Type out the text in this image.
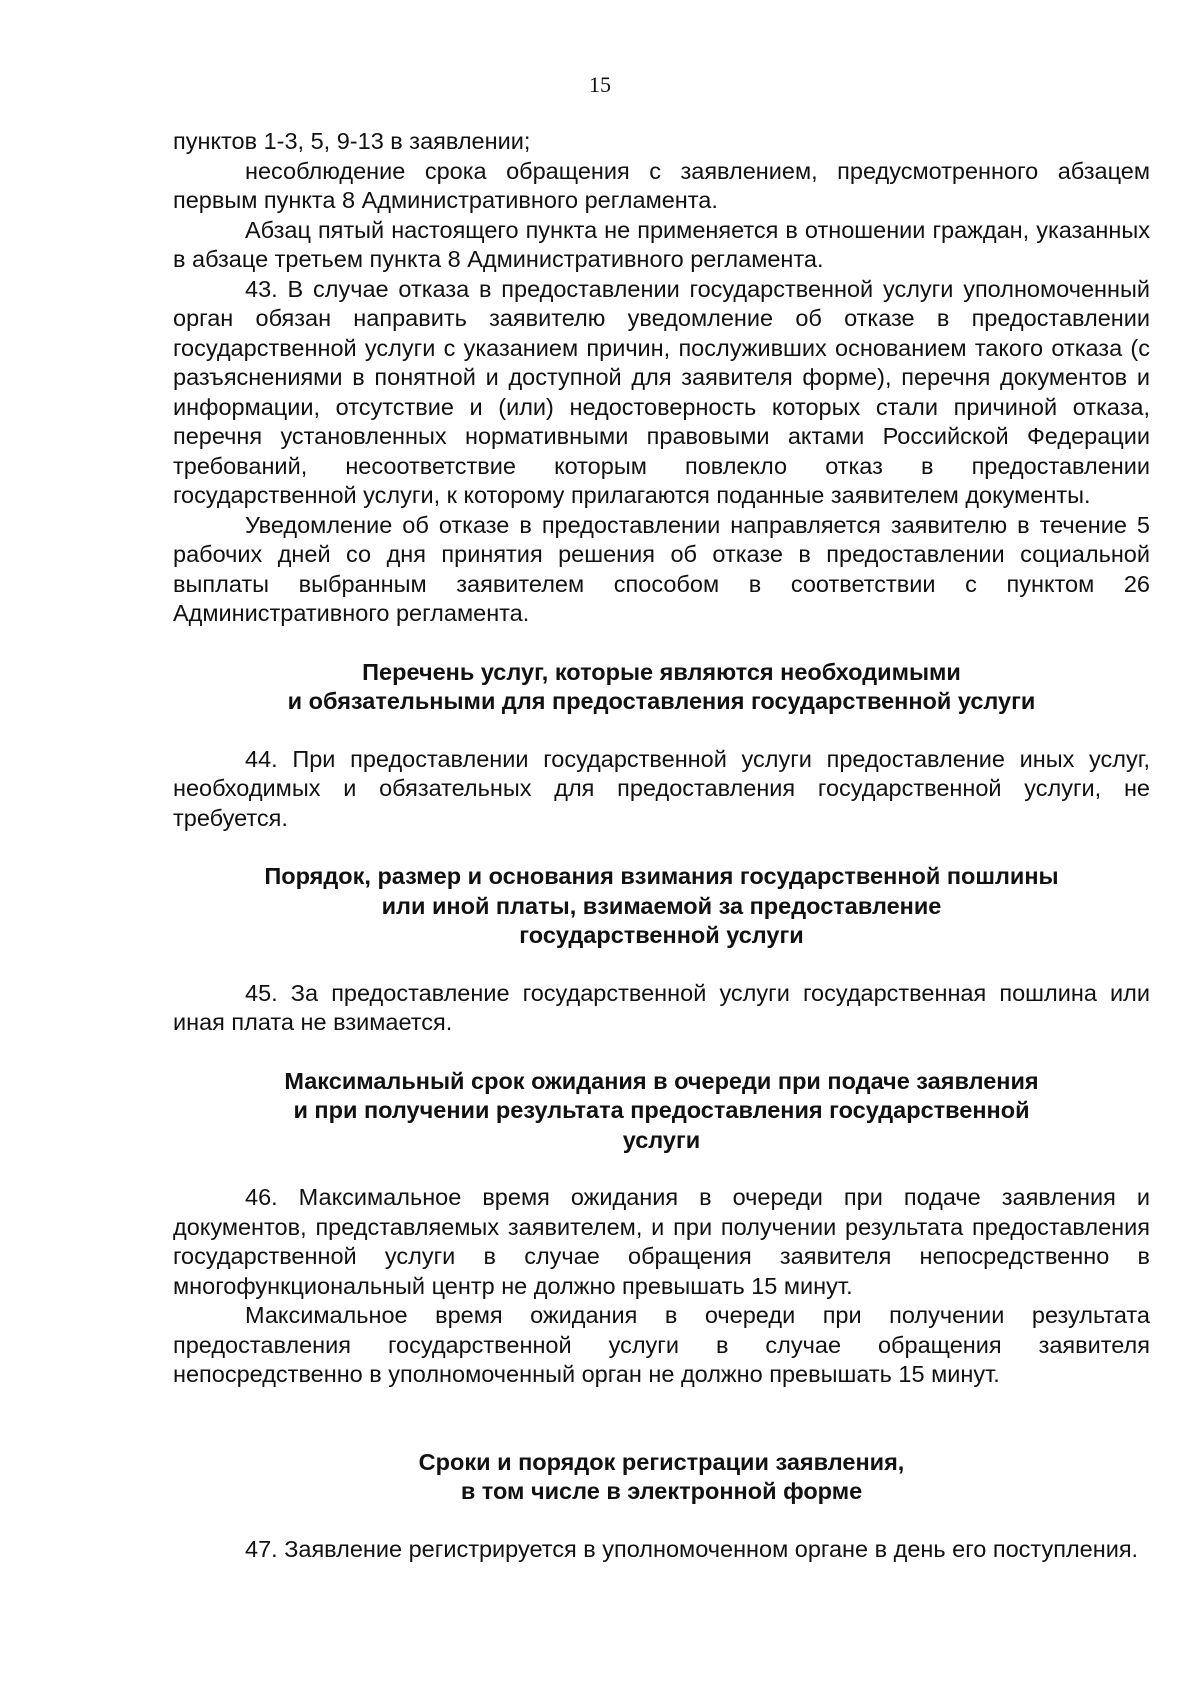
15

пунктов 1-3, 5, 9-13 в заявлении;

несоблюдение срока обращения с заявлением, предусмотренного абзацем первым пункта 8 Административного регламента.

Абзац пятый настоящего пункта не применяется в отношении граждан, указанных в абзаце третьем пункта 8 Административного регламента.

43. В случае отказа в предоставлении государственной услуги уполномоченный орган обязан направить заявителю уведомление об отказе в предоставлении государственной услуги с указанием причин, послуживших основанием такого отказа (с разъяснениями в понятной и доступной для заявителя форме), перечня документов и информации, отсутствие и (или) недостоверность которых стали причиной отказа, перечня установленных нормативными правовыми актами Российской Федерации требований, несоответствие которым повлекло отказ в предоставлении государственной услуги, к которому прилагаются поданные заявителем документы.

Уведомление об отказе в предоставлении направляется заявителю в течение 5 рабочих дней со дня принятия решения об отказе в предоставлении социальной выплаты выбранным заявителем способом в соответствии с пунктом 26 Административного регламента.

Перечень услуг, которые являются необходимыми
и обязательными для предоставления государственной услуги

44. При предоставлении государственной услуги предоставление иных услуг, необходимых и обязательных для предоставления государственной услуги, не требуется.

Порядок, размер и основания взимания государственной пошлины
или иной платы, взимаемой за предоставление
государственной услуги

45. За предоставление государственной услуги государственная пошлина или иная плата не взимается.

Максимальный срок ожидания в очереди при подаче заявления
и при получении результата предоставления государственной
услуги

46. Максимальное время ожидания в очереди при подаче заявления и документов, представляемых заявителем, и при получении результата предоставления государственной услуги в случае обращения заявителя непосредственно в многофункциональный центр не должно превышать 15 минут.

Максимальное время ожидания в очереди при получении результата предоставления государственной услуги в случае обращения заявителя непосредственно в уполномоченный орган не должно превышать 15 минут.

Сроки и порядок регистрации заявления,
в том числе в электронной форме

47. Заявление регистрируется в уполномоченном органе в день его поступления.
